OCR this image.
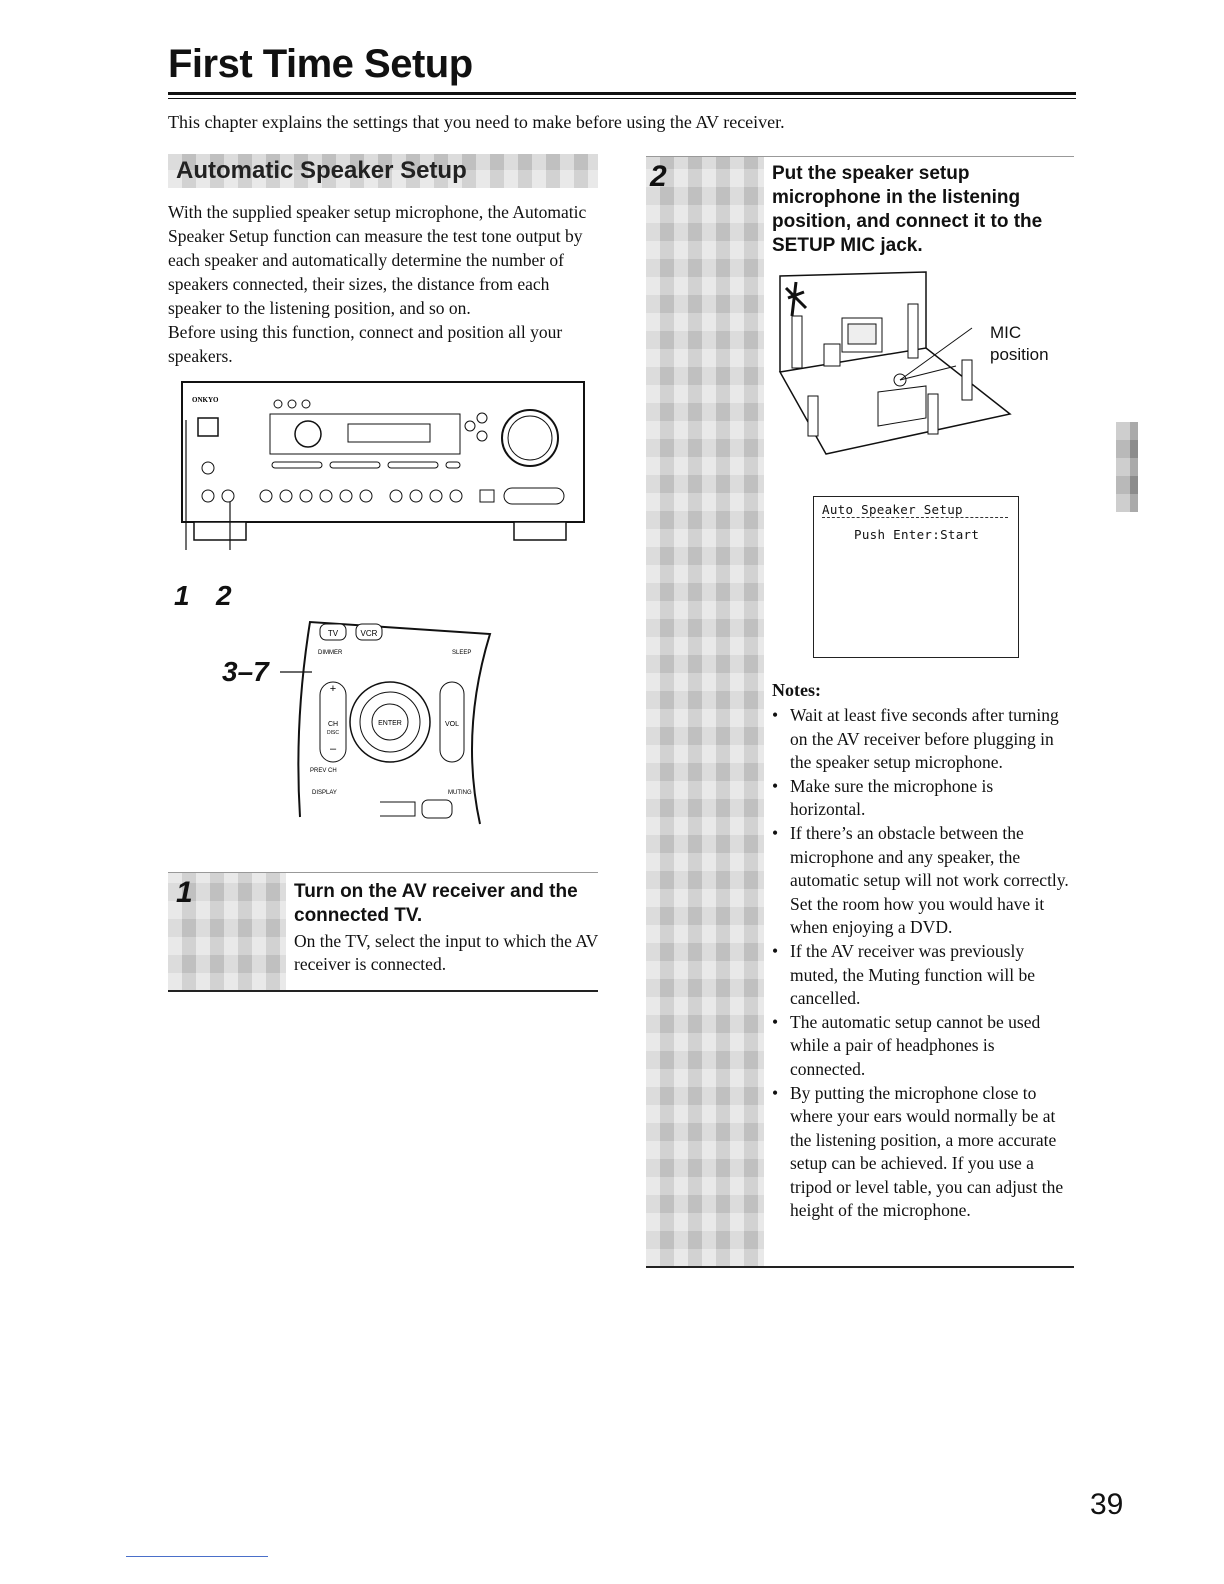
First Time Setup
This chapter explains the settings that you need to make before using the AV receiver.
Automatic Speaker Setup

With the supplied speaker setup microphone, the Automatic Speaker Setup function can measure the test tone output by each speaker and automatically determine the number of speakers connected, their sizes, the distance from each speaker to the listening position, and so on.

Before using this function, connect and position all your speakers.

ONKYO
1 2
3–7
TV	VCR
DIMMER	SLEEP
+
CH
DISC
–
ENTER	VOL
PREV CH
DISPLAY	MUTING
1	Turn on the AV receiver and the connected TV.
On the TV, select the input to which the AV receiver is connected.
2	Put the speaker setup microphone in the listening position, and connect it to the SETUP MIC jack.
MIC
position
Auto Speaker Setup
Push Enter:Start
Notes:
• Wait at least five seconds after turning on the AV receiver before plugging in the speaker setup microphone.
• Make sure the microphone is horizontal.
• If there’s an obstacle between the microphone and any speaker, the automatic setup will not work correctly. Set the room how you would have it when enjoying a DVD.
• If the AV receiver was previously muted, the Muting function will be cancelled.
• The automatic setup cannot be used while a pair of headphones is connected.
• By putting the microphone close to where your ears would normally be at the listening position, a more accurate setup can be achieved. If you use a tripod or level table, you can adjust the height of the microphone.
39
